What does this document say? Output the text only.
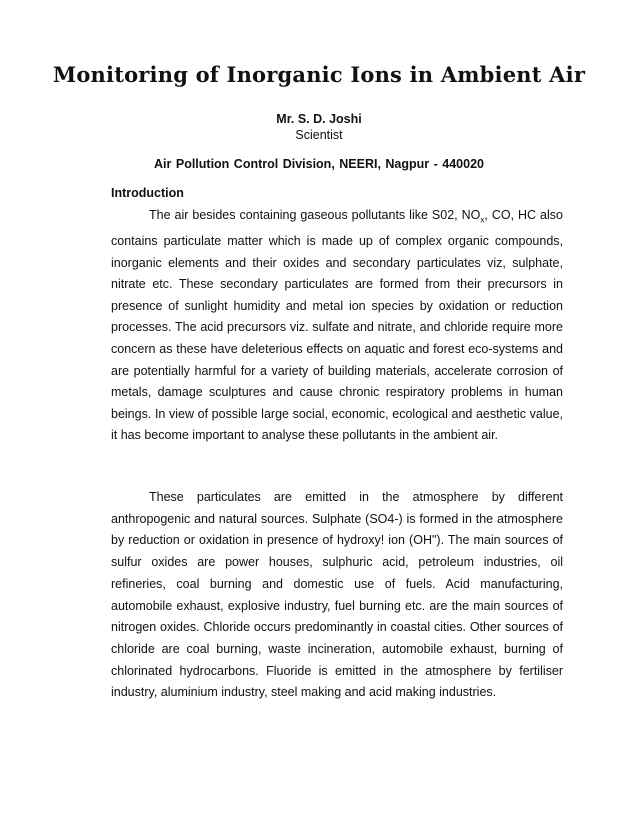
Monitoring of Inorganic Ions in Ambient Air
Mr. S. D. Joshi
Scientist
Air Pollution Control Division, NEERI, Nagpur - 440020
Introduction

The air besides containing gaseous pollutants like S02, $NO_x$, CO, HC also contains particulate matter which is made up of complex organic compounds, inorganic elements and their oxides and secondary particulates viz, sulphate, nitrate etc. These secondary particulates are formed from their precursors in presence of sunlight humidity and metal ion species by oxidation or reduction processes. The acid precursors viz. sulfate and nitrate, and chloride require more concern as these have deleterious effects on aquatic and forest eco-systems and are potentially harmful for a variety of building materials, accelerate corrosion of metals, damage sculptures and cause chronic respiratory problems in human beings. In view of possible large social, economic, ecological and aesthetic value, it has become important to analyse these pollutants in the ambient air.

These particulates are emitted in the atmosphere by different anthropogenic and natural sources. Sulphate (SO4-) is formed in the atmosphere by reduction or oxidation in presence of hydroxy! ion (OH"). The main sources of sulfur oxides are power houses, sulphuric acid, petroleum industries, oil refineries, coal burning and domestic use of fuels. Acid manufacturing, automobile exhaust, explosive industry, fuel burning etc. are the main sources of nitrogen oxides. Chloride occurs predominantly in coastal cities. Other sources of chloride are coal burning, waste incineration, automobile exhaust, burning of chlorinated hydrocarbons. Fluoride is emitted in the atmosphere by fertiliser industry, aluminium industry, steel making and acid making industries.
